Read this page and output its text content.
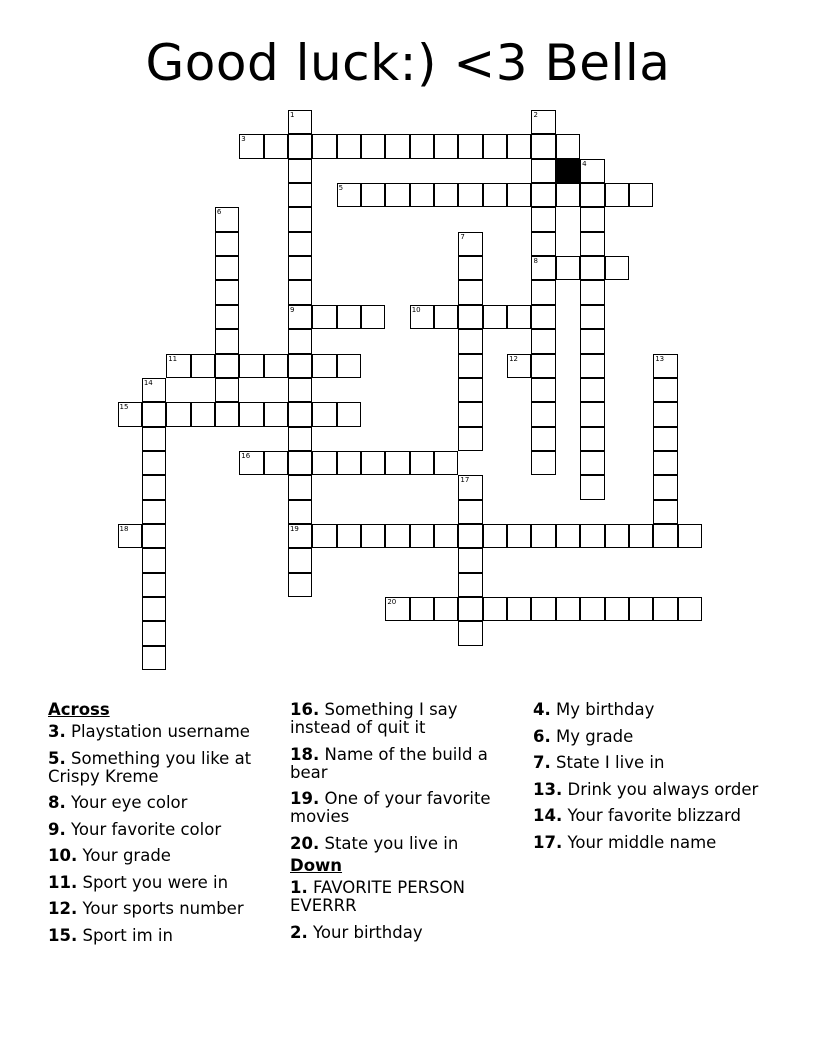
Good luck:) <3 Bella
1	2
3
4
5
6
7
8
9	10
11	12	13
14
15
16
17
18	19
20
Across
3. Playstation username
5. Something you like at Crispy Kreme
8. Your eye color
9. Your favorite color
10. Your grade
11. Sport you were in
12. Your sports number
15. Sport im in
16. Something I say instead of quit it
18. Name of the build a bear
19. One of your favorite movies
20. State you live in
Down
1. FAVORITE PERSON EVERRR
2. Your birthday
4. My birthday
6. My grade
7. State I live in
13. Drink you always order
14. Your favorite blizzard
17. Your middle name
